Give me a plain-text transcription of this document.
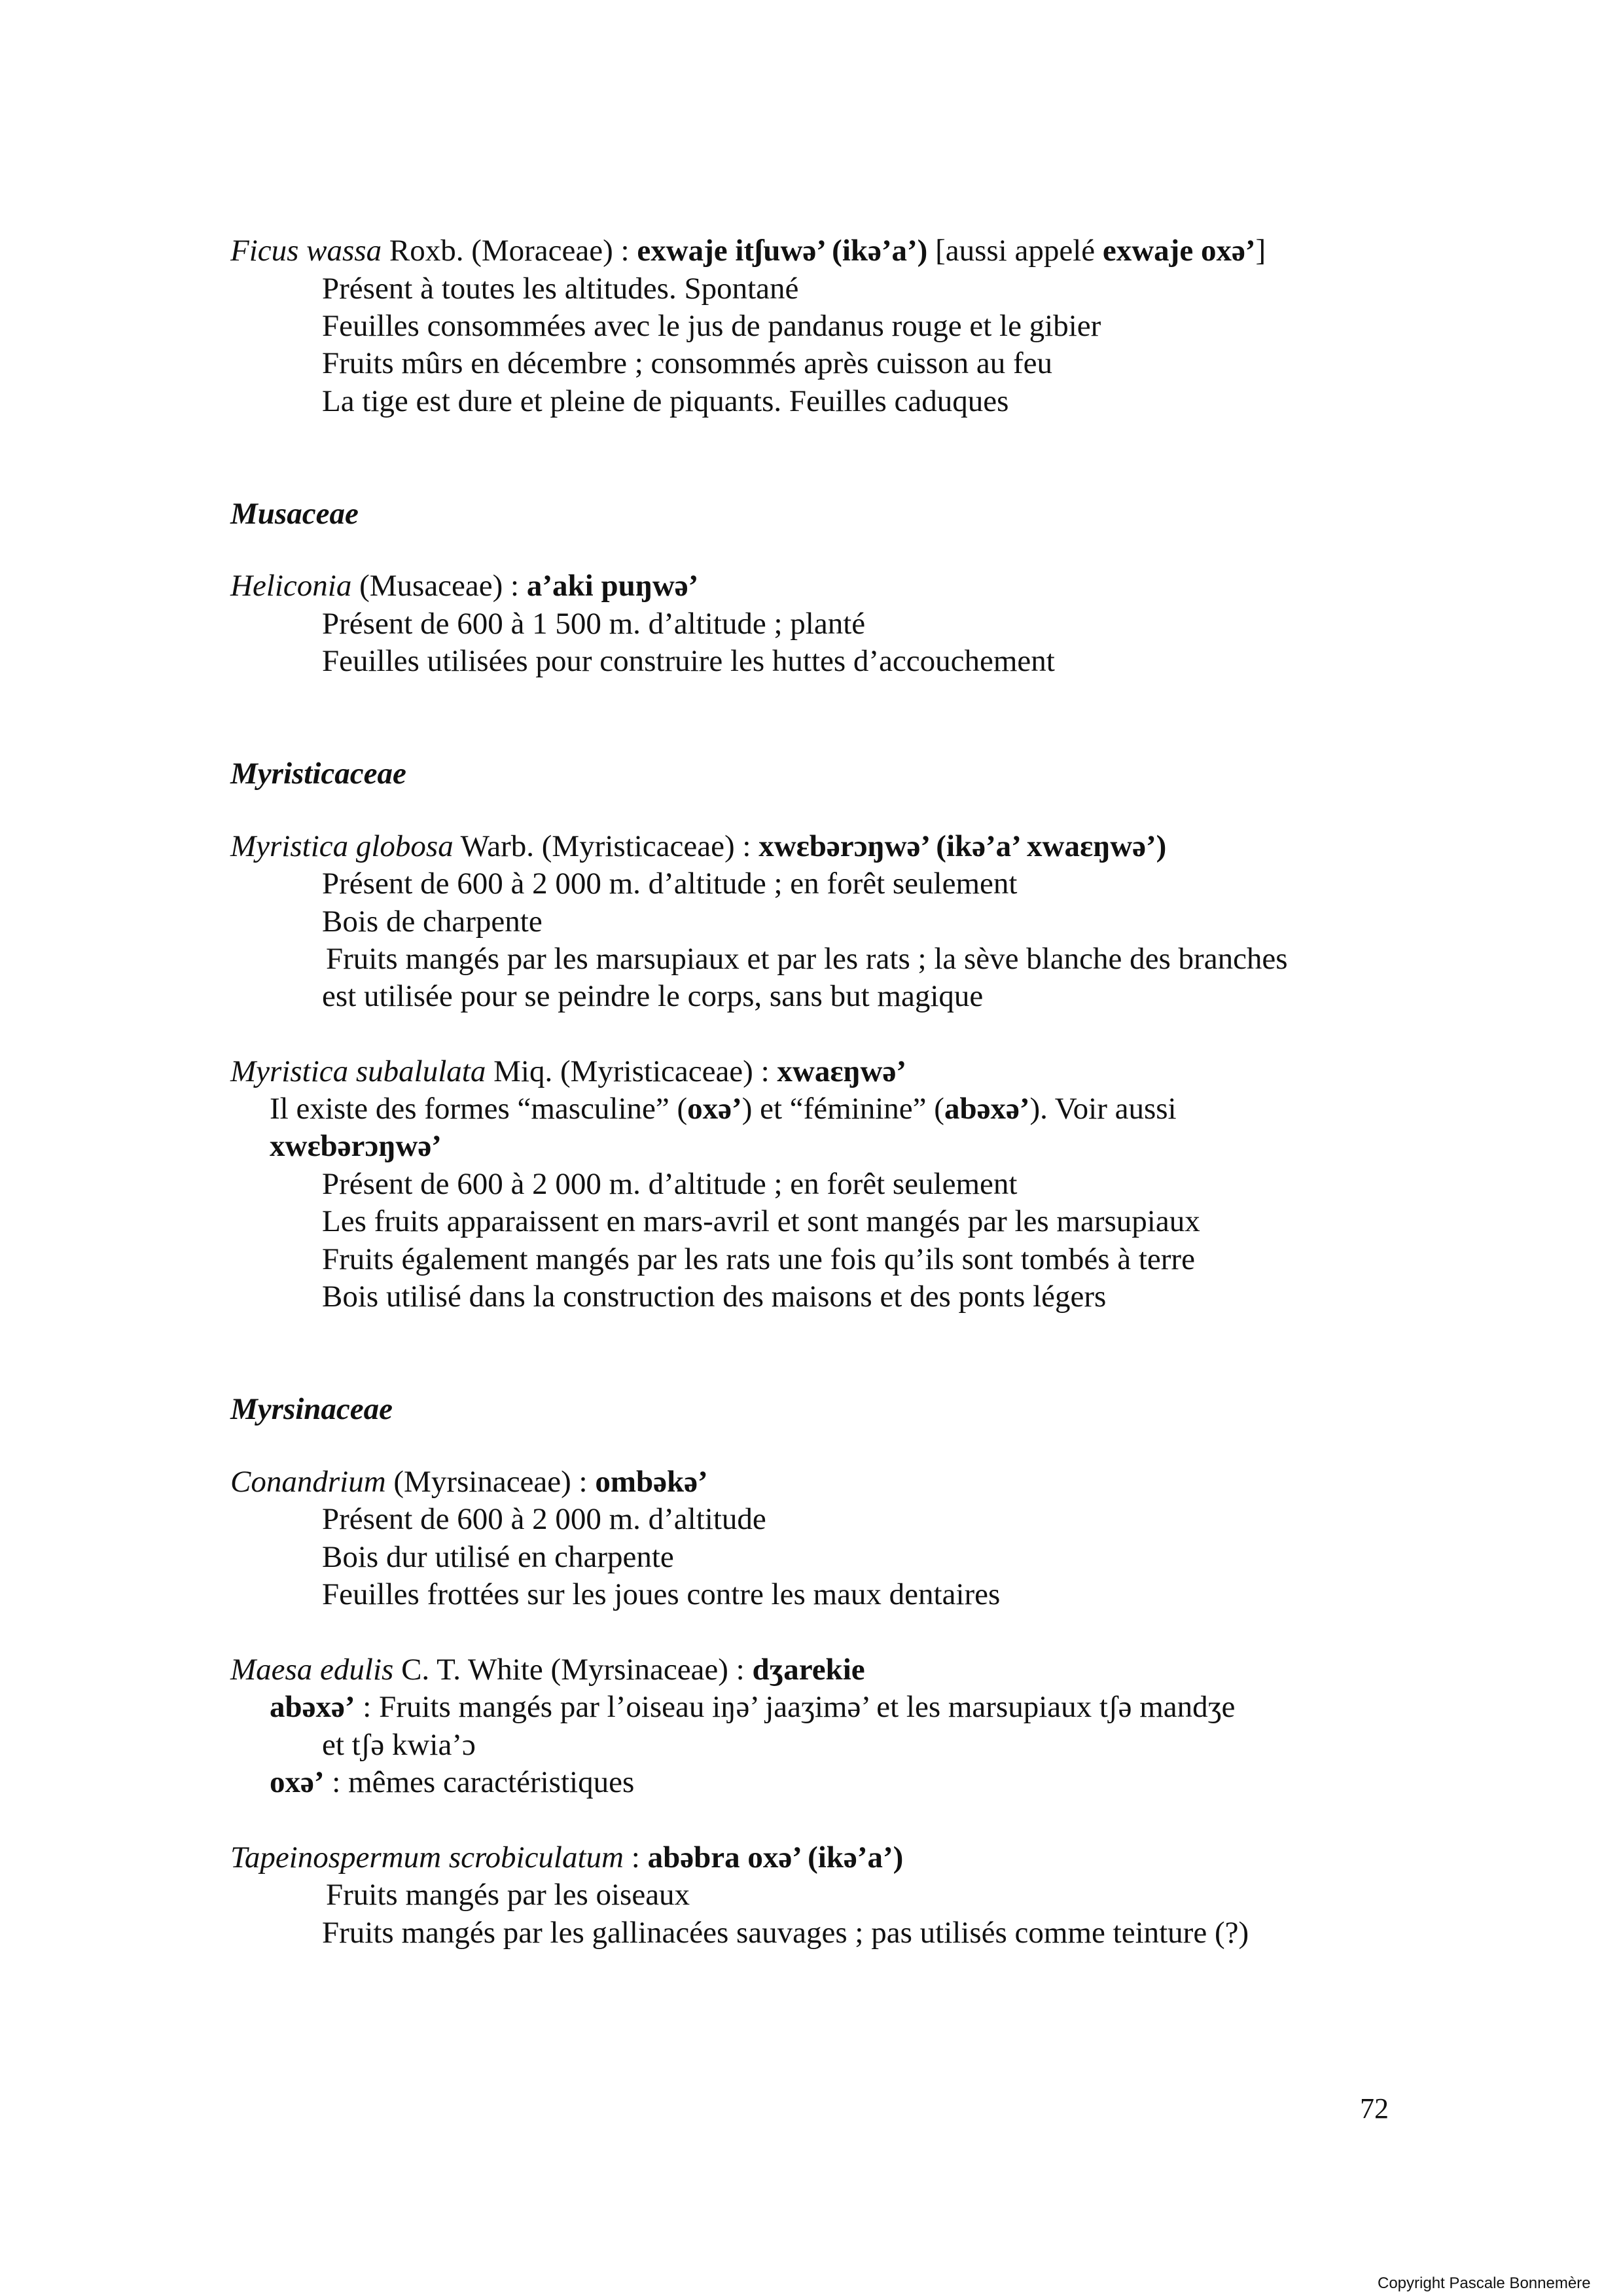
Ficus wassa Roxb. (Moraceae) : exwaje itʃuwə’ (ikə’a’) [aussi appelé exwaje oxə’]

Présent à toutes les altitudes. Spontané

Feuilles consommées avec le jus de pandanus rouge et le gibier

Fruits mûrs en décembre ; consommés après cuisson au feu

La tige est dure et pleine de piquants. Feuilles caduques

Musaceae

Heliconia (Musaceae) : a’aki puŋwə’

Présent de 600 à 1 500 m. d’altitude ; planté

Feuilles utilisées pour construire les huttes d’accouchement

Myristicaceae

Myristica globosa Warb. (Myristicaceae) : xwɛbərɔŋwə’ (ikə’a’ xwaɛŋwə’)

Présent de 600 à 2 000 m. d’altitude ; en forêt seulement

Bois de charpente

Fruits mangés par les marsupiaux et par les rats ; la sève blanche des branches

est utilisée pour se peindre le corps, sans but magique

Myristica subalulata Miq. (Myristicaceae) : xwaɛŋwə’

Il existe des formes “masculine” (oxə’) et “féminine” (abəxə’). Voir aussi

xwɛbərɔŋwə’

Présent de 600 à 2 000 m. d’altitude ; en forêt seulement

Les fruits apparaissent en mars-avril et sont mangés par les marsupiaux

Fruits également mangés par les rats une fois qu’ils sont tombés à terre

Bois utilisé dans la construction des maisons et des ponts légers

Myrsinaceae

Conandrium (Myrsinaceae) : ombəkə’

Présent de 600 à 2 000 m. d’altitude

Bois dur utilisé en charpente

Feuilles frottées sur les joues contre les maux dentaires

Maesa edulis C. T. White (Myrsinaceae) : dʒarekie

abəxə’ : Fruits mangés par l’oiseau iŋə’ jaaʒimə’ et les marsupiaux tʃə mandʒe

et tʃə kwia’ɔ

oxə’ : mêmes caractéristiques

Tapeinospermum scrobiculatum : abəbra oxə’ (ikə’a’)

Fruits mangés par les oiseaux

Fruits mangés par les gallinacées sauvages ; pas utilisés comme teinture (?)

72
Copyright Pascale Bonnemère
